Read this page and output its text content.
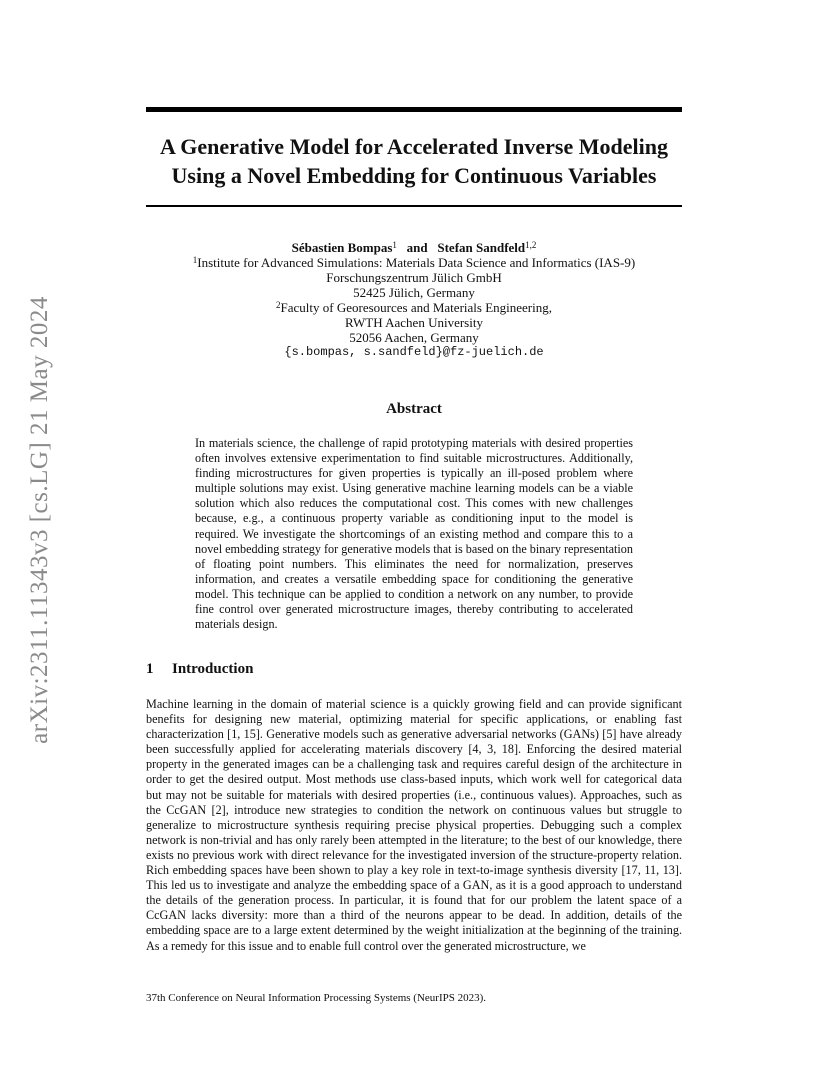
arXiv:2311.11343v3 [cs.LG] 21 May 2024
A Generative Model for Accelerated Inverse Modeling
Using a Novel Embedding for Continuous Variables
Sébastien Bompas$^1$   and   Stefan Sandfeld$^{1,2}$
$^1$Institute for Advanced Simulations: Materials Data Science and Informatics (IAS-9)
Forschungszentrum Jülich GmbH
52425 Jülich, Germany
$^2$Faculty of Georesources and Materials Engineering,
RWTH Aachen University
52056 Aachen, Germany
{s.bompas, s.sandfeld}@fz-juelich.de
Abstract

In materials science, the challenge of rapid prototyping materials with desired properties often involves extensive experimentation to find suitable microstructures. Additionally, finding microstructures for given properties is typically an ill-posed problem where multiple solutions may exist. Using generative machine learning models can be a viable solution which also reduces the computational cost. This comes with new challenges because, e.g., a continuous property variable as conditioning input to the model is required. We investigate the shortcomings of an existing method and compare this to a novel embedding strategy for generative models that is based on the binary representation of floating point numbers. This eliminates the need for normalization, preserves information, and creates a versatile embedding space for conditioning the generative model. This technique can be applied to condition a network on any number, to provide fine control over generated microstructure images, thereby contributing to accelerated materials design.

1 Introduction

Machine learning in the domain of material science is a quickly growing field and can provide significant benefits for designing new material, optimizing material for specific applications, or enabling fast characterization [1, 15]. Generative models such as generative adversarial networks (GANs) [5] have already been successfully applied for accelerating materials discovery [4, 3, 18]. Enforcing the desired material property in the generated images can be a challenging task and requires careful design of the architecture in order to get the desired output. Most methods use class-based inputs, which work well for categorical data but may not be suitable for materials with desired properties (i.e., continuous values). Approaches, such as the CcGAN [2], introduce new strategies to condition the network on continuous values but struggle to generalize to microstructure synthesis requiring precise physical properties. Debugging such a complex network is non-trivial and has only rarely been attempted in the literature; to the best of our knowledge, there exists no previous work with direct relevance for the investigated inversion of the structure-property relation. Rich embedding spaces have been shown to play a key role in text-to-image synthesis diversity [17, 11, 13]. This led us to investigate and analyze the embedding space of a GAN, as it is a good approach to understand the details of the generation process. In particular, it is found that for our problem the latent space of a CcGAN lacks diversity: more than a third of the neurons appear to be dead. In addition, details of the embedding space are to a large extent determined by the weight initialization at the beginning of the training. As a remedy for this issue and to enable full control over the generated microstructure, we

37th Conference on Neural Information Processing Systems (NeurIPS 2023).
